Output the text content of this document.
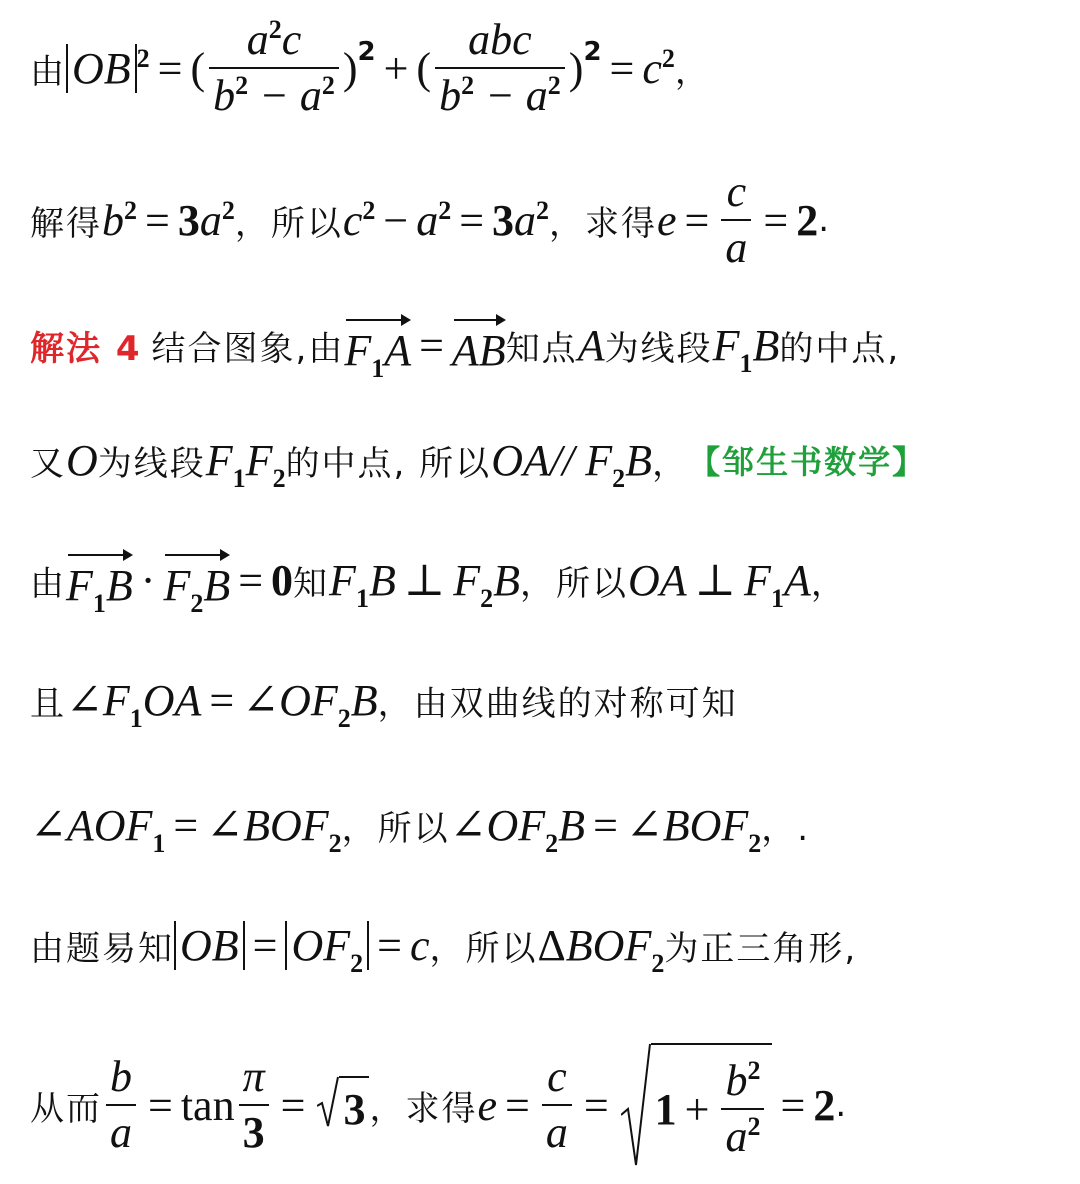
由 OB $^2$ = ( $\frac{a^2c}{b^2 - a^2} )^2$ + ( $\frac{\text{abc}}{b^2 - a^2} )^2 = c^2$ ，
解得 $b^2 = 3a^2$ ，所以 $c^2 - a^2 = 3a^2$ ，求得 $e = \frac{c}{a} = 2$ .
解法 4 结合图象, 由 $F_1A$ = AB 知点 A 为线段 $F_1B$ 的中点,
又 O 为线段 $F_1F_2$ 的中点, 所以 OA// $F_2B$ ， 【邹生书数学】
由 $F_1B \cdot F_2B = 0$ 知 $F_1B$ ⊥ $F_2B$ ，所以 OA ⊥ $F_1A$ ，
且 $\angle F_1OA$ = $\angle OF_2B$ ，由双曲线的对称可知
$\angle AOF_1$ = $\angle BOF_2$ ，所以 $\angle OF_2B$ = $\angle BOF_2$ ，.
由题易知 OB = $OF_2 = c$ ，所以 Δ $BOF_2$ 为正三角形,
从而 $\frac{b}{a} = \tan \frac{\pi}{3} = 3$ ，求得 $e = \frac{c}{a} = 1 + \frac{b^2}{a^2} = 2$ .
